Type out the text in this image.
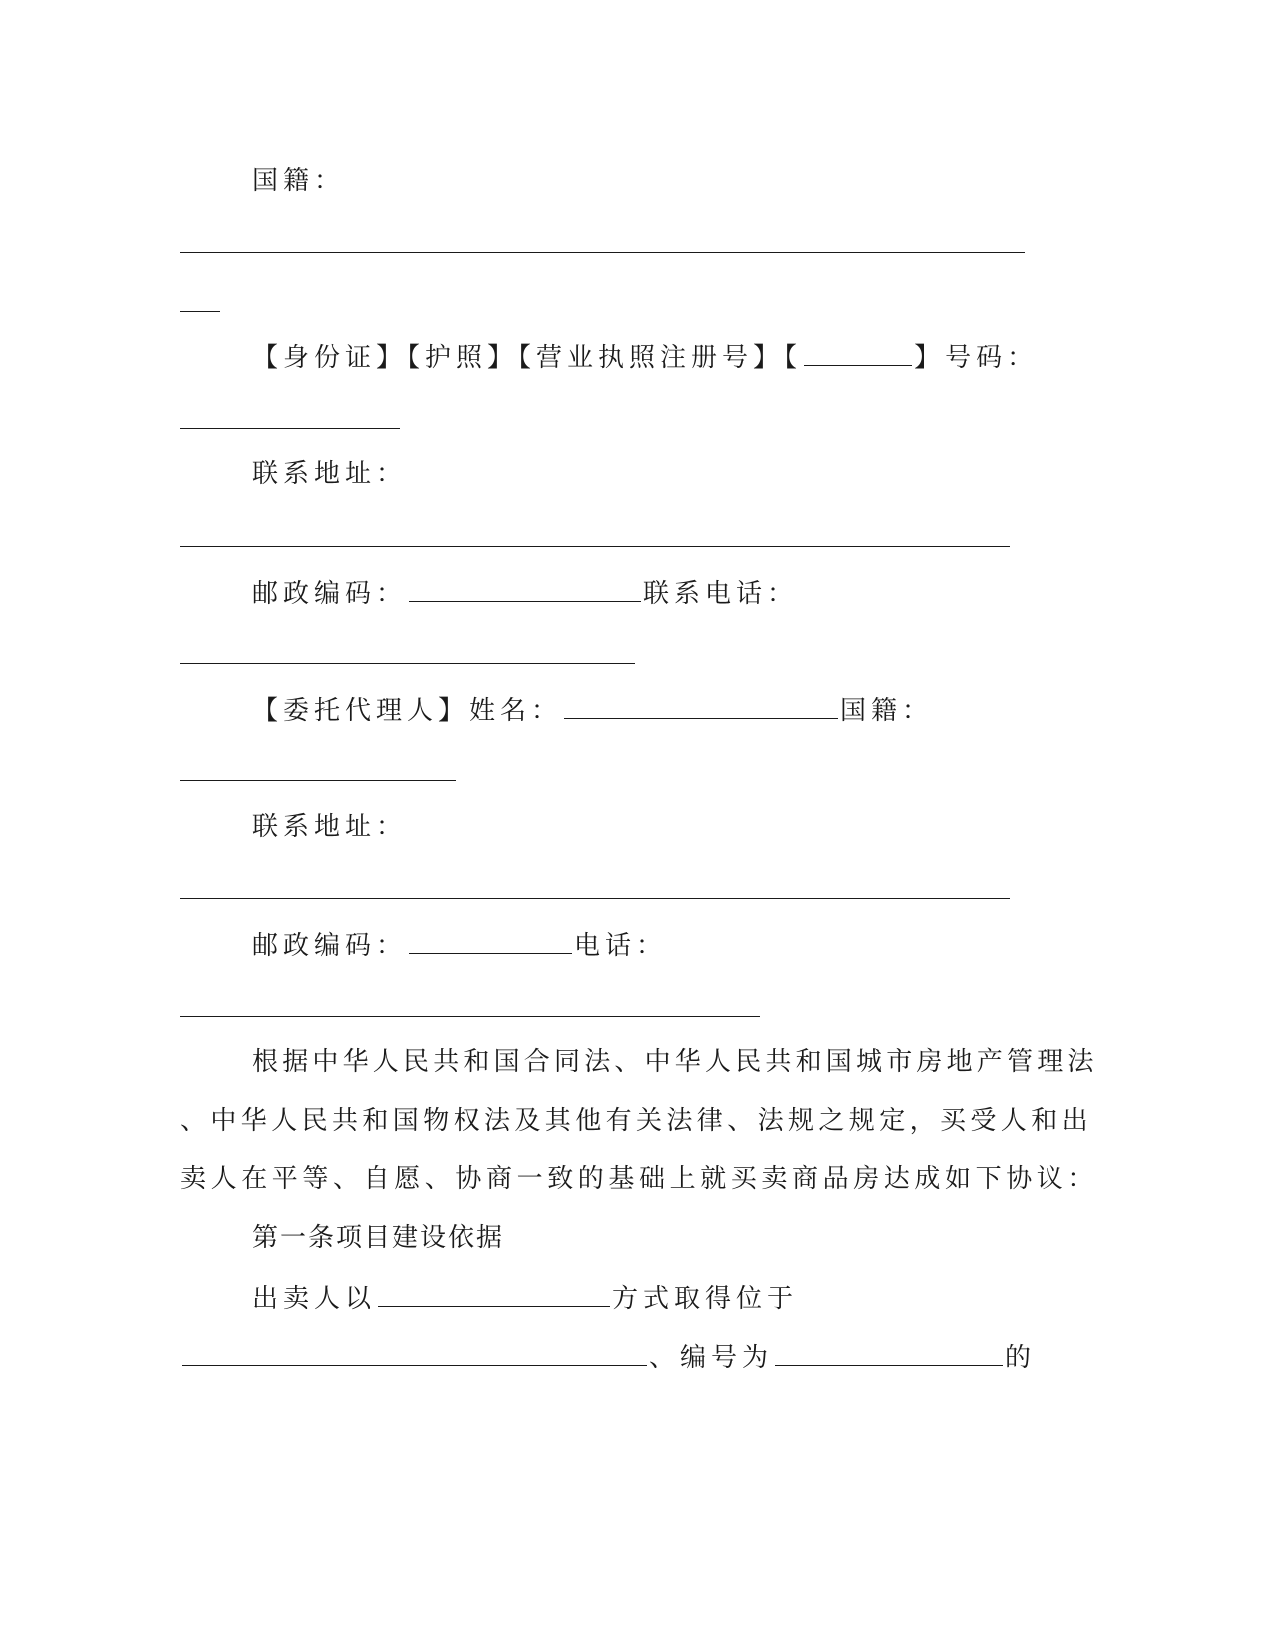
国籍：
【身份证】【护照】【营业执照注册号】【	】号码：
联系地址：
邮政编码：	联系电话：
【委托代理人】姓名：	国籍：
联系地址：
邮政编码：	电话：
根据中华人民共和国合同法、中华人民共和国城市房地产管理法
、中华人民共和国物权法及其他有关法律、法规之规定，买受人和出
卖人在平等、自愿、协商一致的基础上就买卖商品房达成如下协议：
第一条项目建设依据
出卖人以	方式取得位于
、编号为	的
